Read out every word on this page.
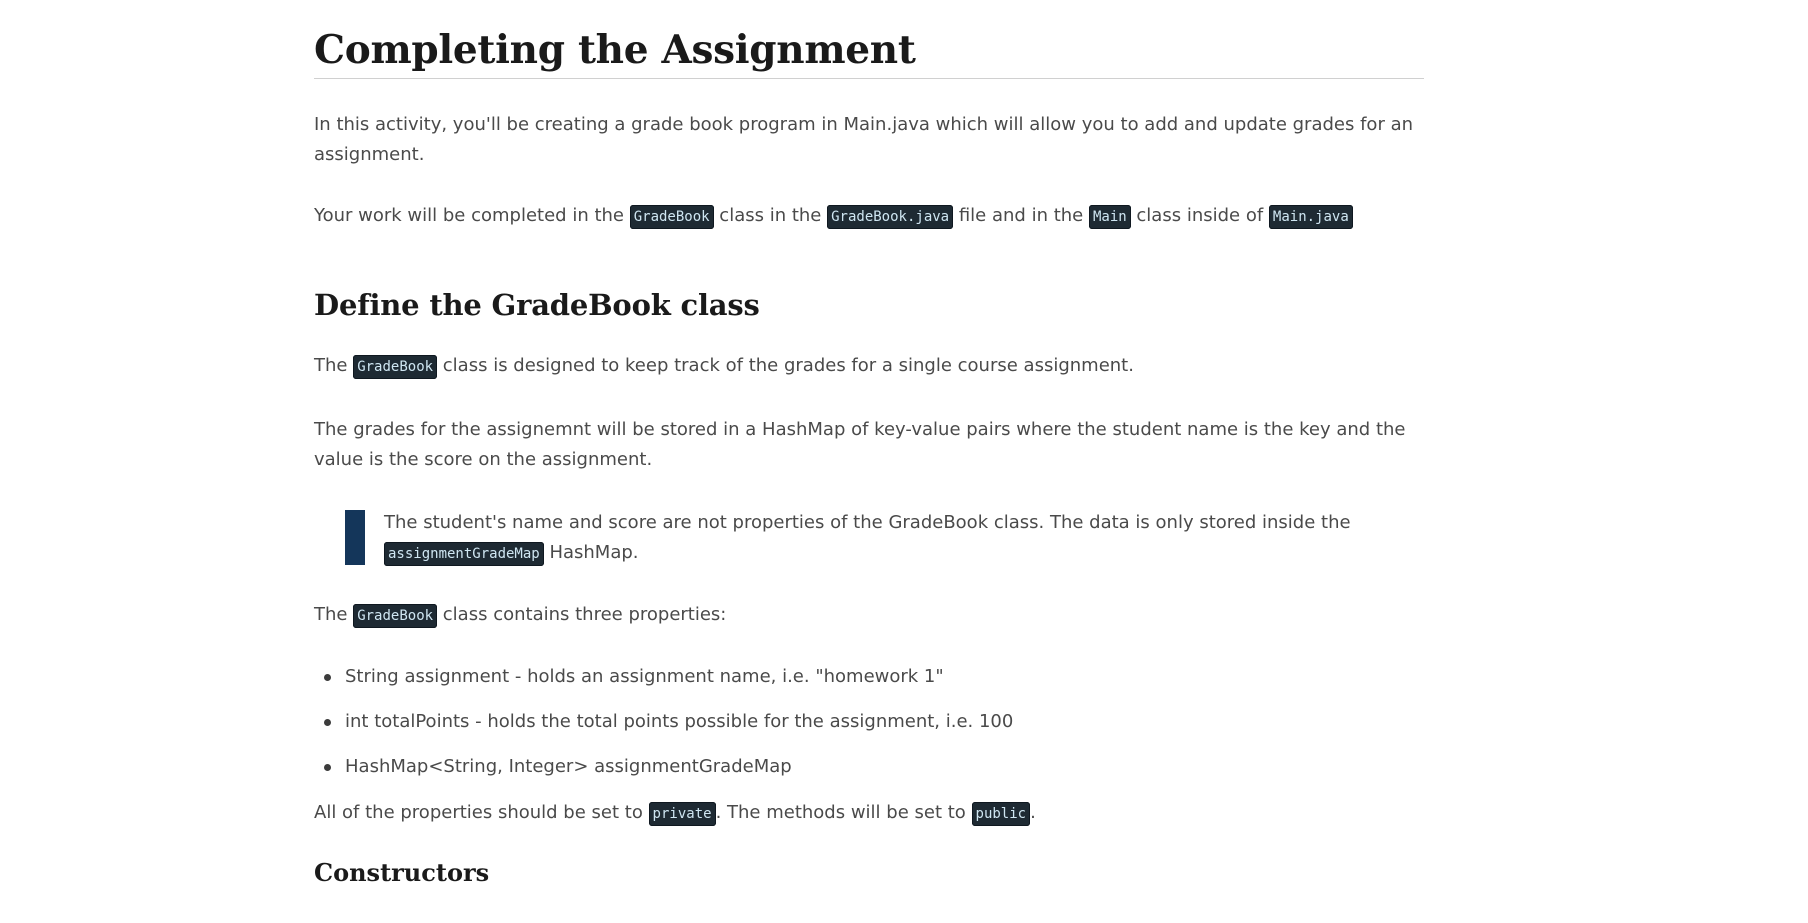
Completing the Assignment

In this activity, you'll be creating a grade book program in Main.java which will allow you to add and update grades for an assignment.

Your work will be completed in the GradeBook class in the GradeBook.java file and in the Main class inside of Main.java

Define the GradeBook class

The GradeBook class is designed to keep track of the grades for a single course assignment.

The grades for the assignemnt will be stored in a HashMap of key-value pairs where the student name is the key and the value is the score on the assignment.

The student's name and score are not properties of the GradeBook class. The data is only stored inside the assignmentGradeMap HashMap.

The GradeBook class contains three properties:

String assignment - holds an assignment name, i.e. "homework 1"
int totalPoints - holds the total points possible for the assignment, i.e. 100
HashMap<String, Integer> assignmentGradeMap

All of the properties should be set to private . The methods will be set to public .

Constructors
